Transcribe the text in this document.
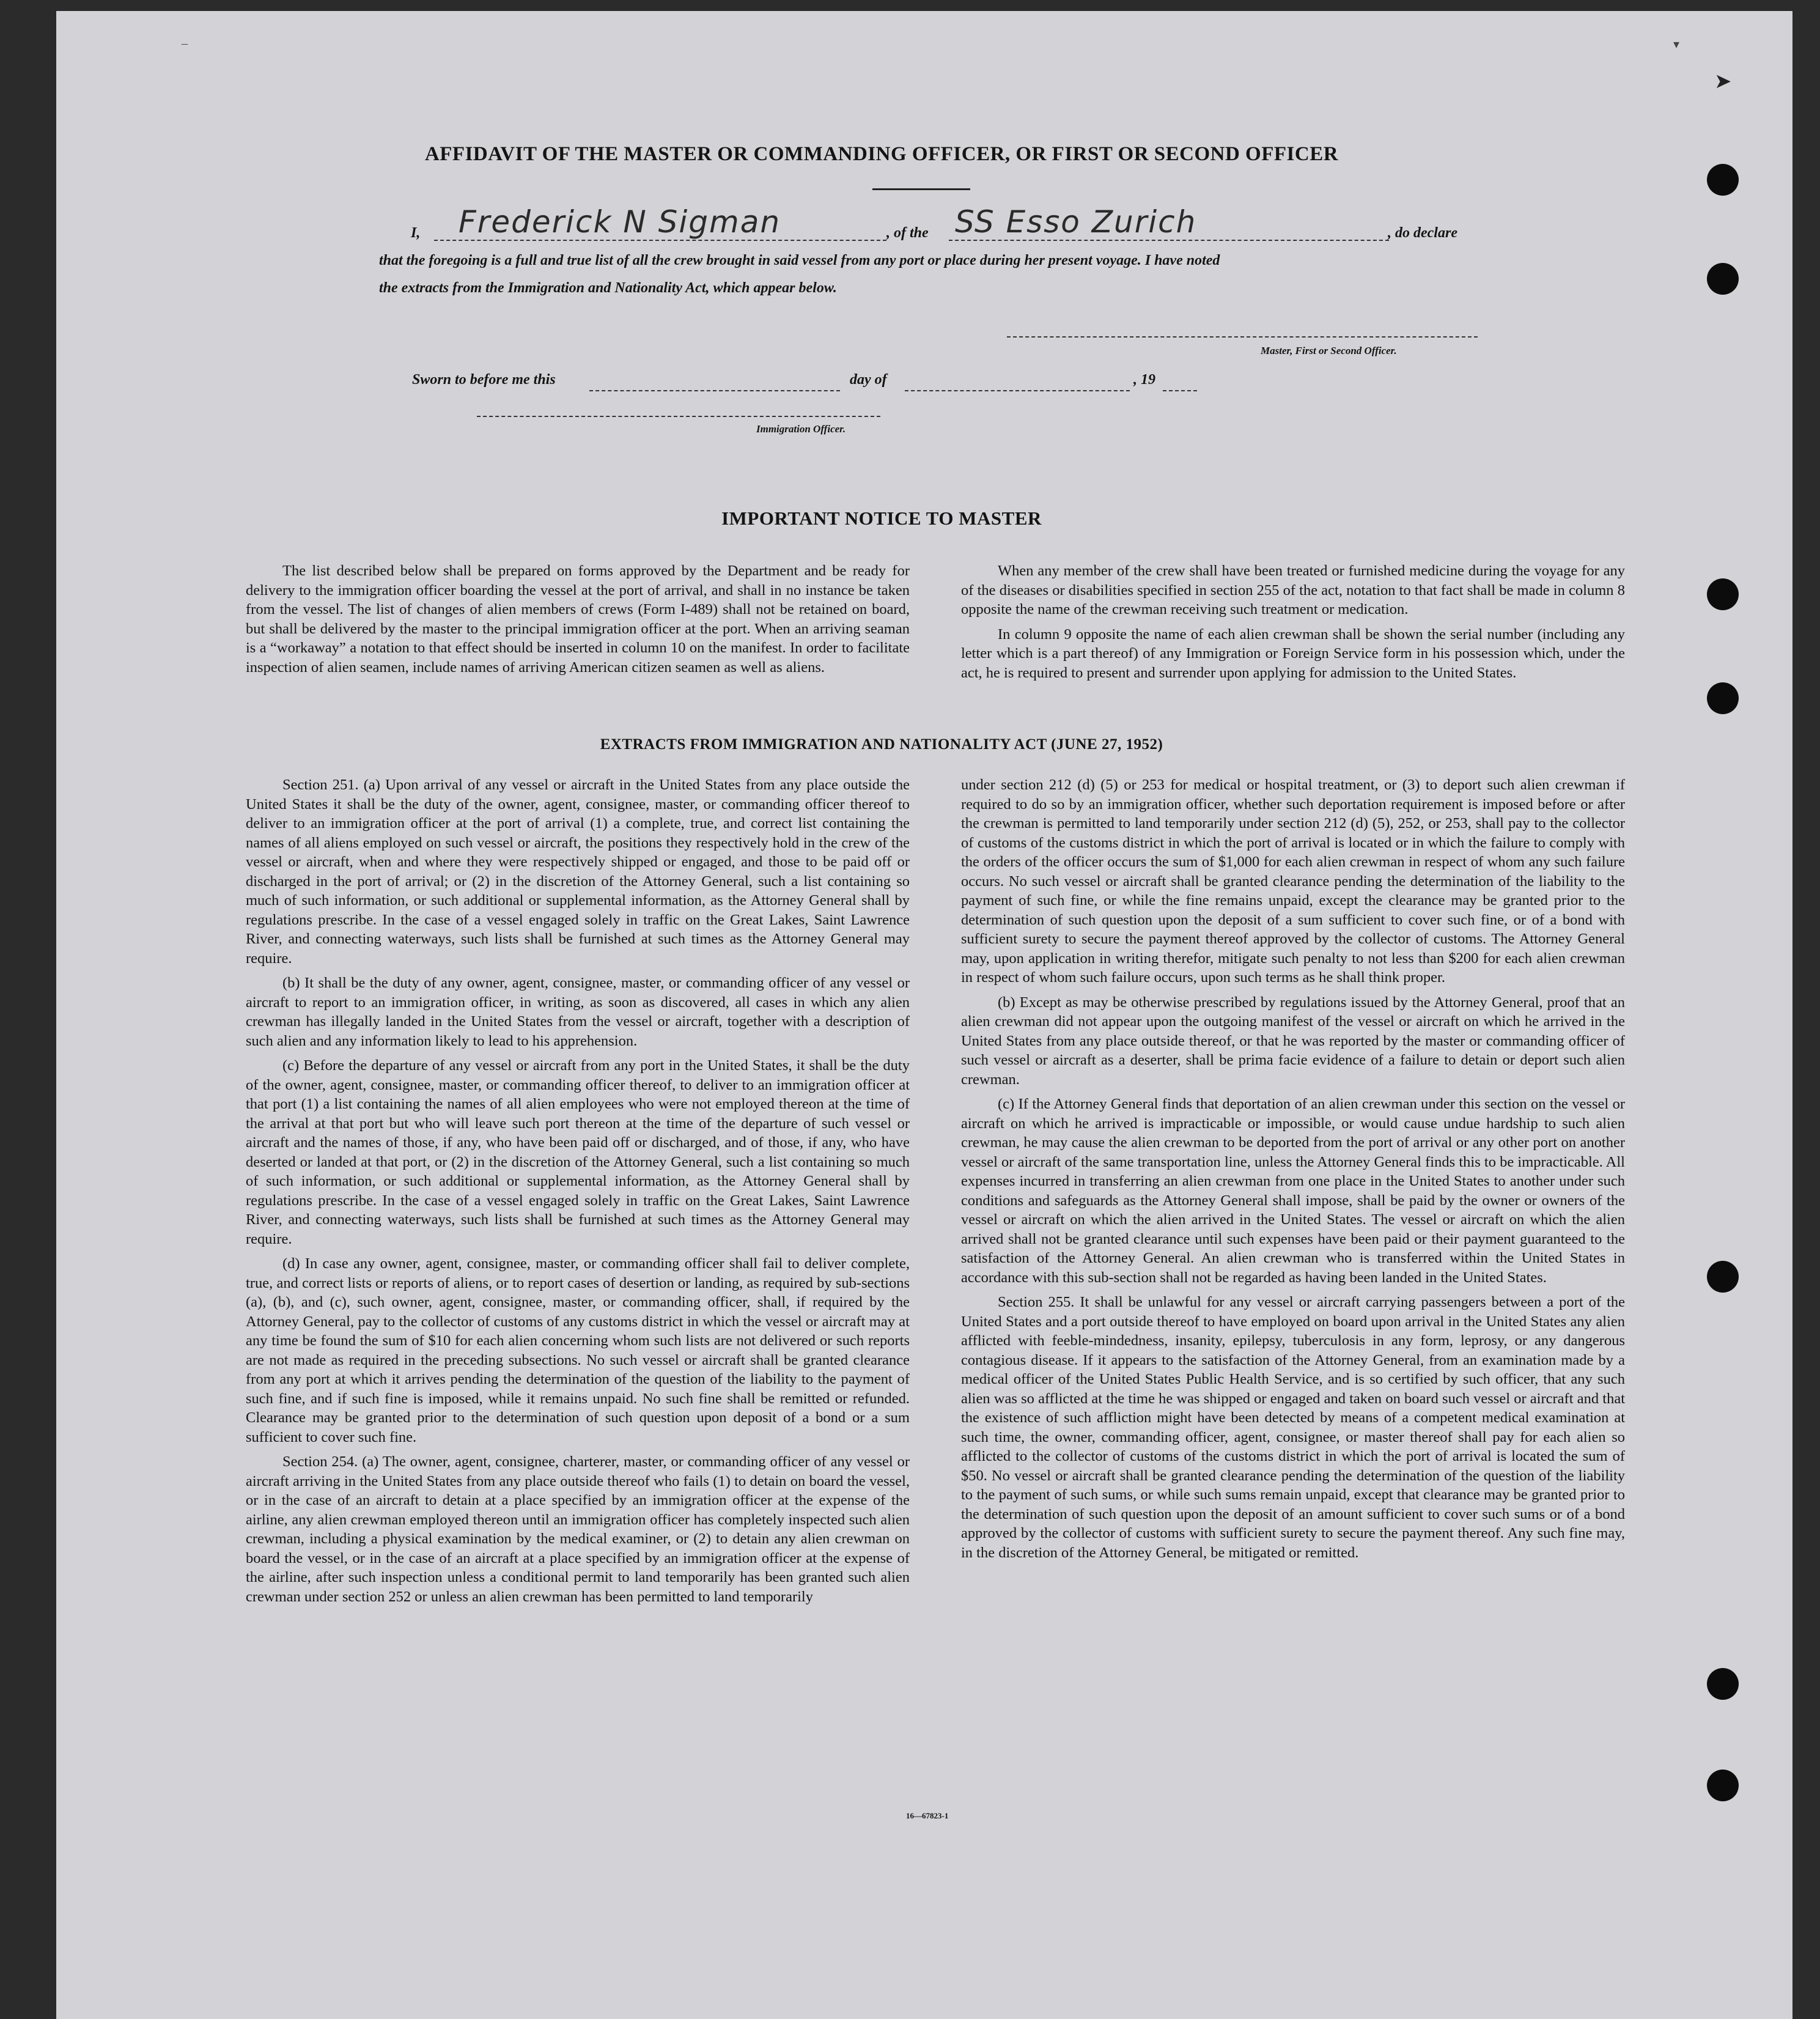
▾
➤
–
AFFIDAVIT OF THE MASTER OR COMMANDING OFFICER, OR FIRST OR SECOND OFFICER
I, Frederick N Sigman	, of the SS Esso Zurich	, do declare
that the foregoing is a full and true list of all the crew brought in said vessel from any port or place during her present voyage. I have noted
the extracts from the Immigration and Nationality Act, which appear below.
Master, First or Second Officer.
Sworn to before me this	day of	, 19
Immigration Officer.
IMPORTANT NOTICE TO MASTER

The list described below shall be prepared on forms approved by the Department and be ready for delivery to the immigration officer boarding the vessel at the port of arrival, and shall in no instance be taken from the vessel. The list of changes of alien members of crews (Form I-489) shall not be retained on board, but shall be delivered by the master to the principal immigration officer at the port. When an arriving seaman is a “workaway” a notation to that effect should be inserted in column 10 on the manifest. In order to facilitate inspection of alien seamen, include names of arriving American citizen seamen as well as aliens.

When any member of the crew shall have been treated or furnished medicine during the voyage for any of the diseases or disabilities specified in section 255 of the act, notation to that fact shall be made in column 8 opposite the name of the crewman receiving such treatment or medication.

In column 9 opposite the name of each alien crewman shall be shown the serial number (including any letter which is a part thereof) of any Immigration or Foreign Service form in his possession which, under the act, he is required to present and surrender upon applying for admission to the United States.

EXTRACTS FROM IMMIGRATION AND NATIONALITY ACT (JUNE 27, 1952)

Section 251. (a) Upon arrival of any vessel or aircraft in the United States from any place outside the United States it shall be the duty of the owner, agent, consignee, master, or commanding officer thereof to deliver to an immigration officer at the port of arrival (1) a complete, true, and correct list containing the names of all aliens employed on such vessel or aircraft, the positions they respectively hold in the crew of the vessel or aircraft, when and where they were respectively shipped or engaged, and those to be paid off or discharged in the port of arrival; or (2) in the discretion of the Attorney General, such a list containing so much of such information, or such additional or supplemental information, as the Attorney General shall by regulations prescribe. In the case of a vessel engaged solely in traffic on the Great Lakes, Saint Lawrence River, and connecting waterways, such lists shall be furnished at such times as the Attorney General may require.

(b) It shall be the duty of any owner, agent, consignee, master, or commanding officer of any vessel or aircraft to report to an immigration officer, in writing, as soon as discovered, all cases in which any alien crewman has illegally landed in the United States from the vessel or aircraft, together with a description of such alien and any information likely to lead to his apprehension.

(c) Before the departure of any vessel or aircraft from any port in the United States, it shall be the duty of the owner, agent, consignee, master, or commanding officer thereof, to deliver to an immigration officer at that port (1) a list containing the names of all alien employees who were not employed thereon at the time of the arrival at that port but who will leave such port thereon at the time of the departure of such vessel or aircraft and the names of those, if any, who have been paid off or discharged, and of those, if any, who have deserted or landed at that port, or (2) in the discretion of the Attorney General, such a list containing so much of such information, or such additional or supplemental information, as the Attorney General shall by regulations prescribe. In the case of a vessel engaged solely in traffic on the Great Lakes, Saint Lawrence River, and connecting waterways, such lists shall be furnished at such times as the Attorney General may require.

(d) In case any owner, agent, consignee, master, or commanding officer shall fail to deliver complete, true, and correct lists or reports of aliens, or to report cases of desertion or landing, as required by sub-sections (a), (b), and (c), such owner, agent, consignee, master, or commanding officer, shall, if required by the Attorney General, pay to the collector of customs of any customs district in which the vessel or aircraft may at any time be found the sum of $10 for each alien concerning whom such lists are not delivered or such reports are not made as required in the preceding subsections. No such vessel or aircraft shall be granted clearance from any port at which it arrives pending the determination of the question of the liability to the payment of such fine, and if such fine is imposed, while it remains unpaid. No such fine shall be remitted or refunded. Clearance may be granted prior to the determination of such question upon deposit of a bond or a sum sufficient to cover such fine.

Section 254. (a) The owner, agent, consignee, charterer, master, or commanding officer of any vessel or aircraft arriving in the United States from any place outside thereof who fails (1) to detain on board the vessel, or in the case of an aircraft to detain at a place specified by an immigration officer at the expense of the airline, any alien crewman employed thereon until an immigration officer has completely inspected such alien crewman, including a physical examination by the medical examiner, or (2) to detain any alien crewman on board the vessel, or in the case of an aircraft at a place specified by an immigration officer at the expense of the airline, after such inspection unless a conditional permit to land temporarily has been granted such alien crewman under section 252 or unless an alien crewman has been permitted to land temporarily

under section 212 (d) (5) or 253 for medical or hospital treatment, or (3) to deport such alien crewman if required to do so by an immigration officer, whether such deportation requirement is imposed before or after the crewman is permitted to land temporarily under section 212 (d) (5), 252, or 253, shall pay to the collector of customs of the customs district in which the port of arrival is located or in which the failure to comply with the orders of the officer occurs the sum of $1,000 for each alien crewman in respect of whom any such failure occurs. No such vessel or aircraft shall be granted clearance pending the determination of the liability to the payment of such fine, or while the fine remains unpaid, except the clearance may be granted prior to the determination of such question upon the deposit of a sum sufficient to cover such fine, or of a bond with sufficient surety to secure the payment thereof approved by the collector of customs. The Attorney General may, upon application in writing therefor, mitigate such penalty to not less than $200 for each alien crewman in respect of whom such failure occurs, upon such terms as he shall think proper.

(b) Except as may be otherwise prescribed by regulations issued by the Attorney General, proof that an alien crewman did not appear upon the outgoing manifest of the vessel or aircraft on which he arrived in the United States from any place outside thereof, or that he was reported by the master or commanding officer of such vessel or aircraft as a deserter, shall be prima facie evidence of a failure to detain or deport such alien crewman.

(c) If the Attorney General finds that deportation of an alien crewman under this section on the vessel or aircraft on which he arrived is impracticable or impossible, or would cause undue hardship to such alien crewman, he may cause the alien crewman to be deported from the port of arrival or any other port on another vessel or aircraft of the same transportation line, unless the Attorney General finds this to be impracticable. All expenses incurred in transferring an alien crewman from one place in the United States to another under such conditions and safeguards as the Attorney General shall impose, shall be paid by the owner or owners of the vessel or aircraft on which the alien arrived in the United States. The vessel or aircraft on which the alien arrived shall not be granted clearance until such expenses have been paid or their payment guaranteed to the satisfaction of the Attorney General. An alien crewman who is transferred within the United States in accordance with this sub-section shall not be regarded as having been landed in the United States.

Section 255. It shall be unlawful for any vessel or aircraft carrying passengers between a port of the United States and a port outside thereof to have employed on board upon arrival in the United States any alien afflicted with feeble-mindedness, insanity, epilepsy, tuberculosis in any form, leprosy, or any dangerous contagious disease. If it appears to the satisfaction of the Attorney General, from an examination made by a medical officer of the United States Public Health Service, and is so certified by such officer, that any such alien was so afflicted at the time he was shipped or engaged and taken on board such vessel or aircraft and that the existence of such affliction might have been detected by means of a competent medical examination at such time, the owner, commanding officer, agent, consignee, or master thereof shall pay for each alien so afflicted to the collector of customs of the customs district in which the port of arrival is located the sum of $50. No vessel or aircraft shall be granted clearance pending the determination of the question of the liability to the payment of such sums, or while such sums remain unpaid, except that clearance may be granted prior to the determination of such question upon the deposit of an amount sufficient to cover such sums or of a bond approved by the collector of customs with sufficient surety to secure the payment thereof. Any such fine may, in the discretion of the Attorney General, be mitigated or remitted.

16—67823-1
